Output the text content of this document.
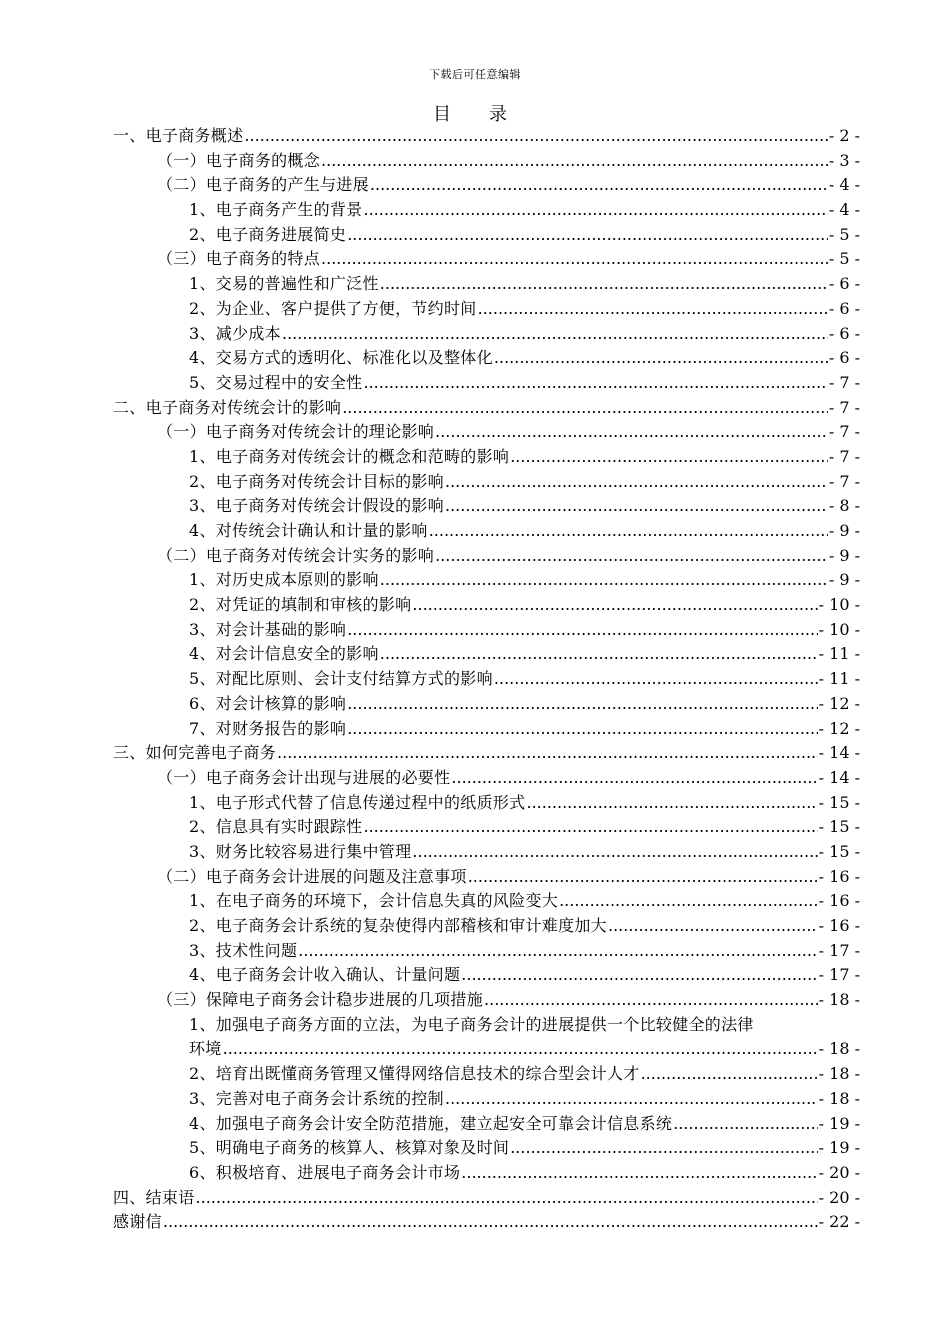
下载后可任意编辑
目　录
一、电子商务概述 .....	- 2 -
（一）电子商务的概念 .....	- 3 -
（二）电子商务的产生与进展 .....	- 4 -
1、电子商务产生的背景 .....	- 4 -
2、电子商务进展简史 .....	- 5 -
（三）电子商务的特点 .....	- 5 -
1、交易的普遍性和广泛性 .....	- 6 -
2、为企业、客户提供了方便，节约时间 .....	- 6 -
3、减少成本 .....	- 6 -
4、交易方式的透明化、标准化以及整体化 .....	- 6 -
5、交易过程中的安全性 .....	- 7 -
二、电子商务对传统会计的影响 .....	- 7 -
（一）电子商务对传统会计的理论影响 .....	- 7 -
1、电子商务对传统会计的概念和范畴的影响 .....	- 7 -
2、电子商务对传统会计目标的影响 .....	- 7 -
3、电子商务对传统会计假设的影响 .....	- 8 -
4、对传统会计确认和计量的影响 .....	- 9 -
（二）电子商务对传统会计实务的影响 .....	- 9 -
1、对历史成本原则的影响 .....	- 9 -
2、对凭证的填制和审核的影响 .....	- 10 -
3、对会计基础的影响 .....	- 10 -
4、对会计信息安全的影响 .....	- 11 -
5、对配比原则、会计支付结算方式的影响 .....	- 11 -
6、对会计核算的影响 .....	- 12 -
7、对财务报告的影响 .....	- 12 -
三、如何完善电子商务 .....	- 14 -
（一）电子商务会计出现与进展的必要性 .....	- 14 -
1、电子形式代替了信息传递过程中的纸质形式 .....	- 15 -
2、信息具有实时跟踪性 .....	- 15 -
3、财务比较容易进行集中管理 .....	- 15 -
（二）电子商务会计进展的问题及注意事项 .....	- 16 -
1、在电子商务的环境下，会计信息失真的风险变大 .....	- 16 -
2、电子商务会计系统的复杂使得内部稽核和审计难度加大 .....	- 16 -
3、技术性问题 .....	- 17 -
4、电子商务会计收入确认、计量问题 .....	- 17 -
（三）保障电子商务会计稳步进展的几项措施 .....	- 18 -
1、加强电子商务方面的立法，为电子商务会计的进展提供一个比较健全的法律
环境 .....	- 18 -
2、培育出既懂商务管理又懂得网络信息技术的综合型会计人才 .....	- 18 -
3、完善对电子商务会计系统的控制 .....	- 18 -
4、加强电子商务会计安全防范措施，建立起安全可靠会计信息系统 .....	- 19 -
5、明确电子商务的核算人、核算对象及时间 .....	- 19 -
6、积极培育、进展电子商务会计市场 .....	- 20 -
四、结束语 .....	- 20 -
感谢信 .....	- 22 -
